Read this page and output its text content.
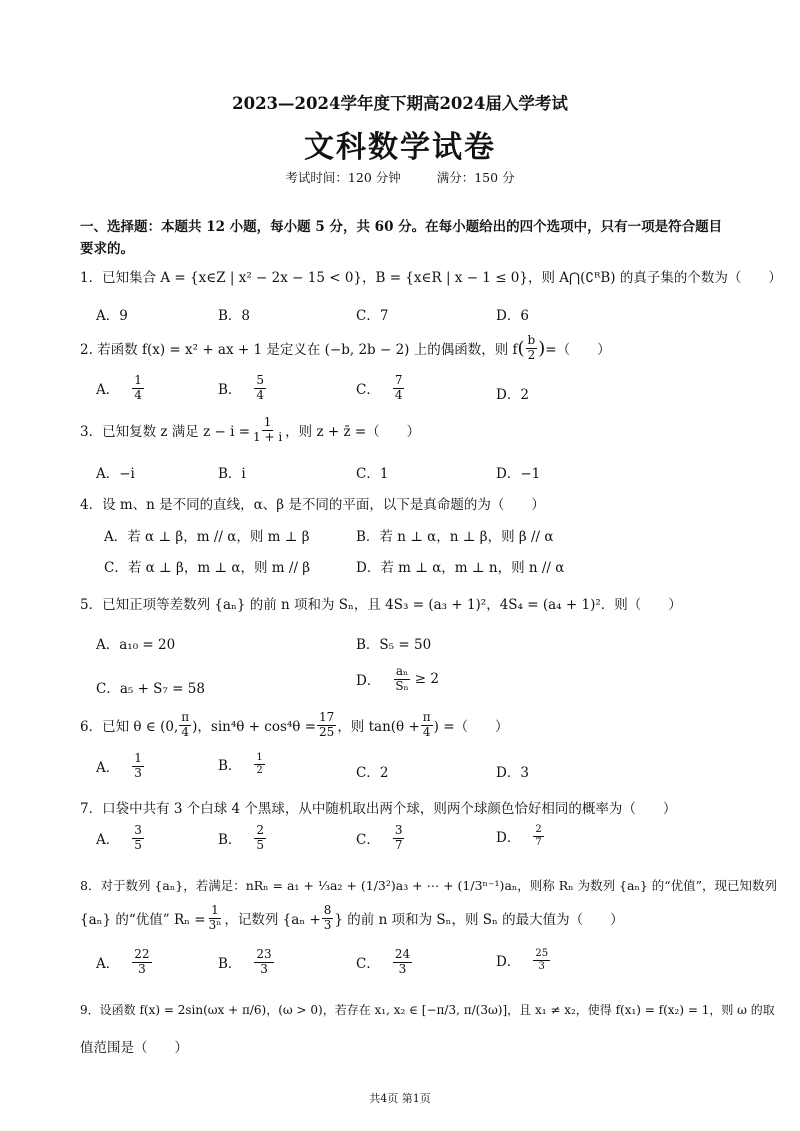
2023—2024学年度下期高2024届入学考试
文科数学试卷
考试时间：120 分钟	满分：150 分
一、选择题：本题共 12 小题，每小题 5 分，共 60 分。在每小题给出的四个选项中，只有一项是符合题目要求的。
1．已知集合 A = {x∈Z | x² − 2x − 15 < 0}，B = {x∈R | x − 1 ≤ 0}，则 A⋂(∁ᴿB) 的真子集的个数为（　　）
A．9	B．8	C．7	D．6
2. 若函数 f(x) = x² + ax + 1 是定义在 (−b, 2b − 2) 上的偶函数，则 f ( $\frac{b}{2}$ ) =（　　）
A． $\frac{1}{4}$	B． $\frac{5}{4}$	C． $\frac{7}{4}$	D．2
3．已知复数 z 满足 $z - i = \frac{1}{1 + i}$ ，则 z + z̄ =（　　）
A．−i	B．i	C．1	D．−1
4．设 m、n 是不同的直线，α、β 是不同的平面，以下是真命题的为（　　）
A．若 α ⊥ β，m // α，则 m ⊥ β	B．若 n ⊥ α，n ⊥ β，则 β // α
C．若 α ⊥ β，m ⊥ α，则 m // β	D．若 m ⊥ α，m ⊥ n，则 n // α
5．已知正项等差数列 {aₙ} 的前 n 项和为 Sₙ，且 4S₃ = (a₃ + 1)²，4S₄ = (a₄ + 1)²．则（　　）
A．a₁₀ = 20	B．S₅ = 50
C．a₅ + S₇ = 58	D． $\frac{\text{aₙ}}{\text{Sₙ}} \ge 2$
6．已知 θ ∈ (0, $\frac{\pi}{4}$ )，$\sin^4\theta + \cos^4\theta = \frac{17}{25}$ ，则 $\tan(\theta + \frac{\pi}{4}$ ) =（　　）
A． $\frac{1}{3}$	B． $\frac{1}{2}$	C．2	D．3
7．口袋中共有 3 个白球 4 个黑球，从中随机取出两个球，则两个球颜色恰好相同的概率为（　　）
A． $\frac{3}{5}$	B． $\frac{2}{5}$	C． $\frac{3}{7}$	D． $\frac{2}{7}$
8．对于数列 {aₙ}，若满足：nRₙ = a₁ + ⅓a₂ + (1/3²)a₃ + ⋯ + (1/3ⁿ⁻¹)aₙ，则称 Rₙ 为数列 {aₙ} 的“优值”，现已知数列
{aₙ} 的“优值” $R_n = \frac{1}{\text{3ⁿ}}$ ，记数列 {$a_n + \frac{8}{3}$ } 的前 n 项和为 Sₙ，则 Sₙ 的最大值为（　　）
A． $\frac{22}{3}$	B． $\frac{23}{3}$	C． $\frac{24}{3}$	D． $\frac{25}{3}$
9．设函数 f(x) = 2sin(ωx + π/6)，(ω > 0)，若存在 x₁, x₂ ∈ [−π/3, π/(3ω)]，且 x₁ ≠ x₂，使得 f(x₁) = f(x₂) = 1，则 ω 的取
值范围是（　　）
共4页 第1页
